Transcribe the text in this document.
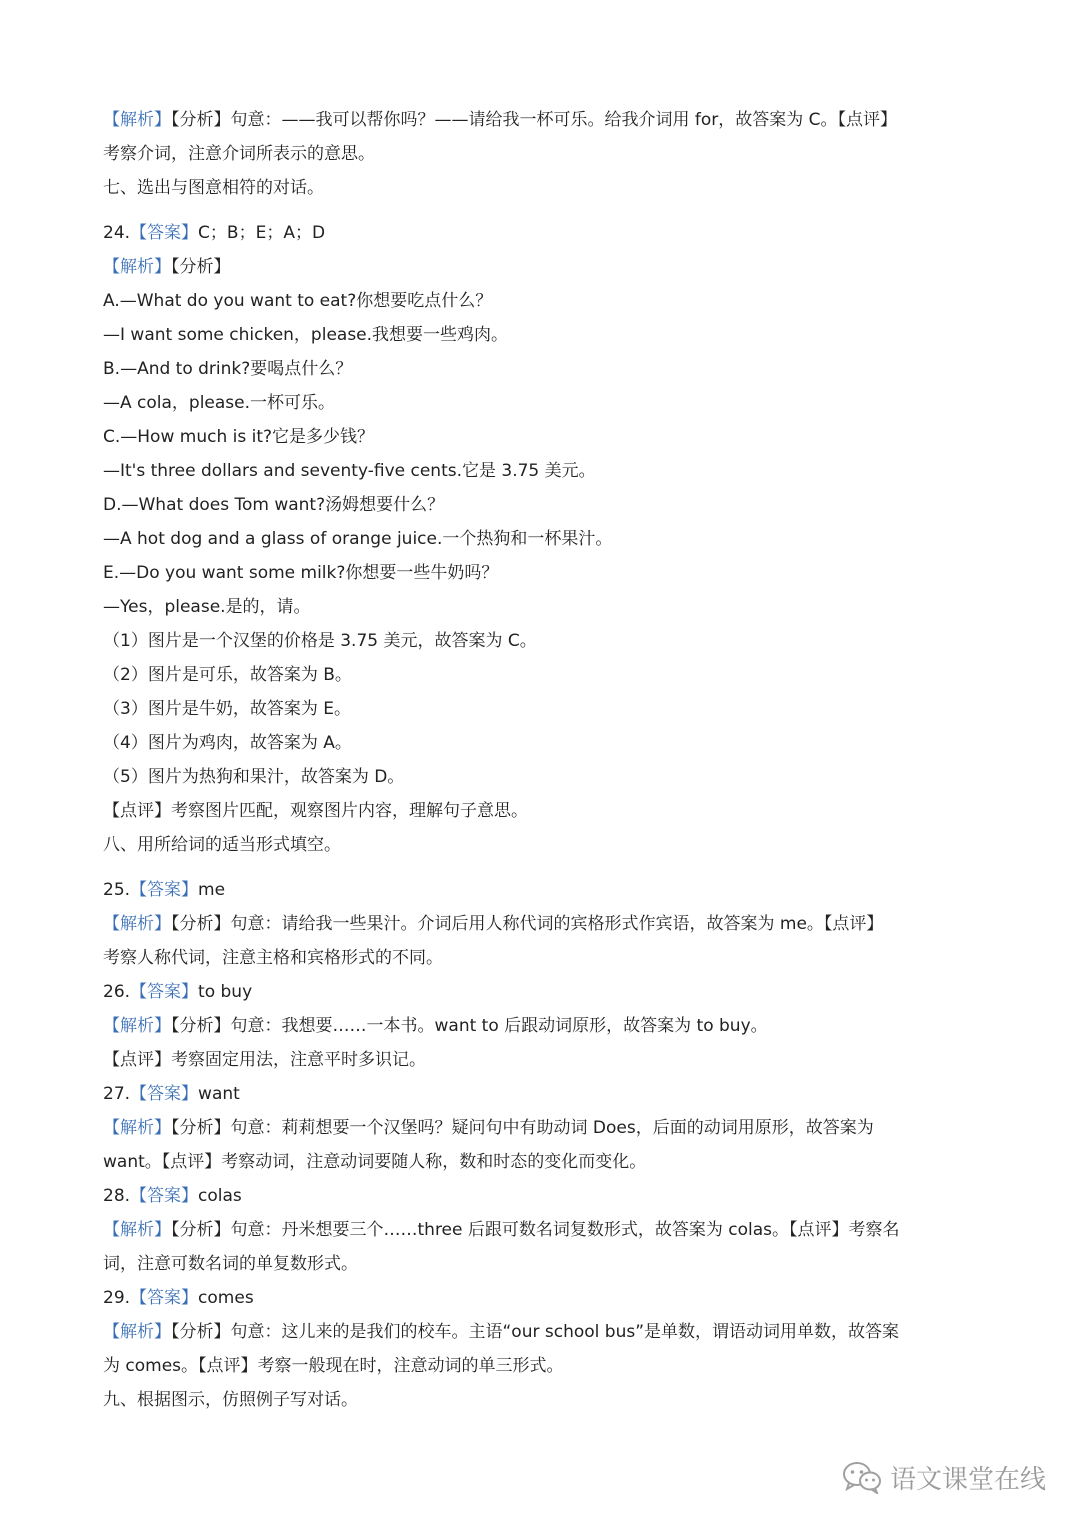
【解析】【分析】句意：——我可以帮你吗？——请给我一杯可乐。给我介词用 for，故答案为 C。【点评】
考察介词，注意介词所表示的意思。
七、选出与图意相符的对话。
24.【答案】C；B；E；A；D
【解析】【分析】
A.—What do you want to eat?你想要吃点什么？
—I want some chicken，please.我想要一些鸡肉。
B.—And to drink?要喝点什么？
—A cola，please.一杯可乐。
C.—How much is it?它是多少钱？
—It's three dollars and seventy-five cents.它是 3.75 美元。
D.—What does Tom want?汤姆想要什么？
—A hot dog and a glass of orange juice.一个热狗和一杯果汁。
E.—Do you want some milk?你想要一些牛奶吗？
—Yes，please.是的，请。
（1）图片是一个汉堡的价格是 3.75 美元，故答案为 C。
（2）图片是可乐，故答案为 B。
（3）图片是牛奶，故答案为 E。
（4）图片为鸡肉，故答案为 A。
（5）图片为热狗和果汁，故答案为 D。
【点评】考察图片匹配，观察图片内容，理解句子意思。
八、用所给词的适当形式填空。
25.【答案】me
【解析】【分析】句意：请给我一些果汁。介词后用人称代词的宾格形式作宾语，故答案为 me。【点评】
考察人称代词，注意主格和宾格形式的不同。
26.【答案】to buy
【解析】【分析】句意：我想要……一本书。want to 后跟动词原形，故答案为 to buy。
【点评】考察固定用法，注意平时多识记。
27.【答案】want
【解析】【分析】句意：莉莉想要一个汉堡吗？疑问句中有助动词 Does，后面的动词用原形，故答案为
want。【点评】考察动词，注意动词要随人称，数和时态的变化而变化。
28.【答案】colas
【解析】【分析】句意：丹米想要三个……three 后跟可数名词复数形式，故答案为 colas。【点评】考察名
词，注意可数名词的单复数形式。
29.【答案】comes
【解析】【分析】句意：这儿来的是我们的校车。主语“our school bus”是单数，谓语动词用单数，故答案
为 comes。【点评】考察一般现在时，注意动词的单三形式。
九、根据图示，仿照例子写对话。
语文课堂在线
